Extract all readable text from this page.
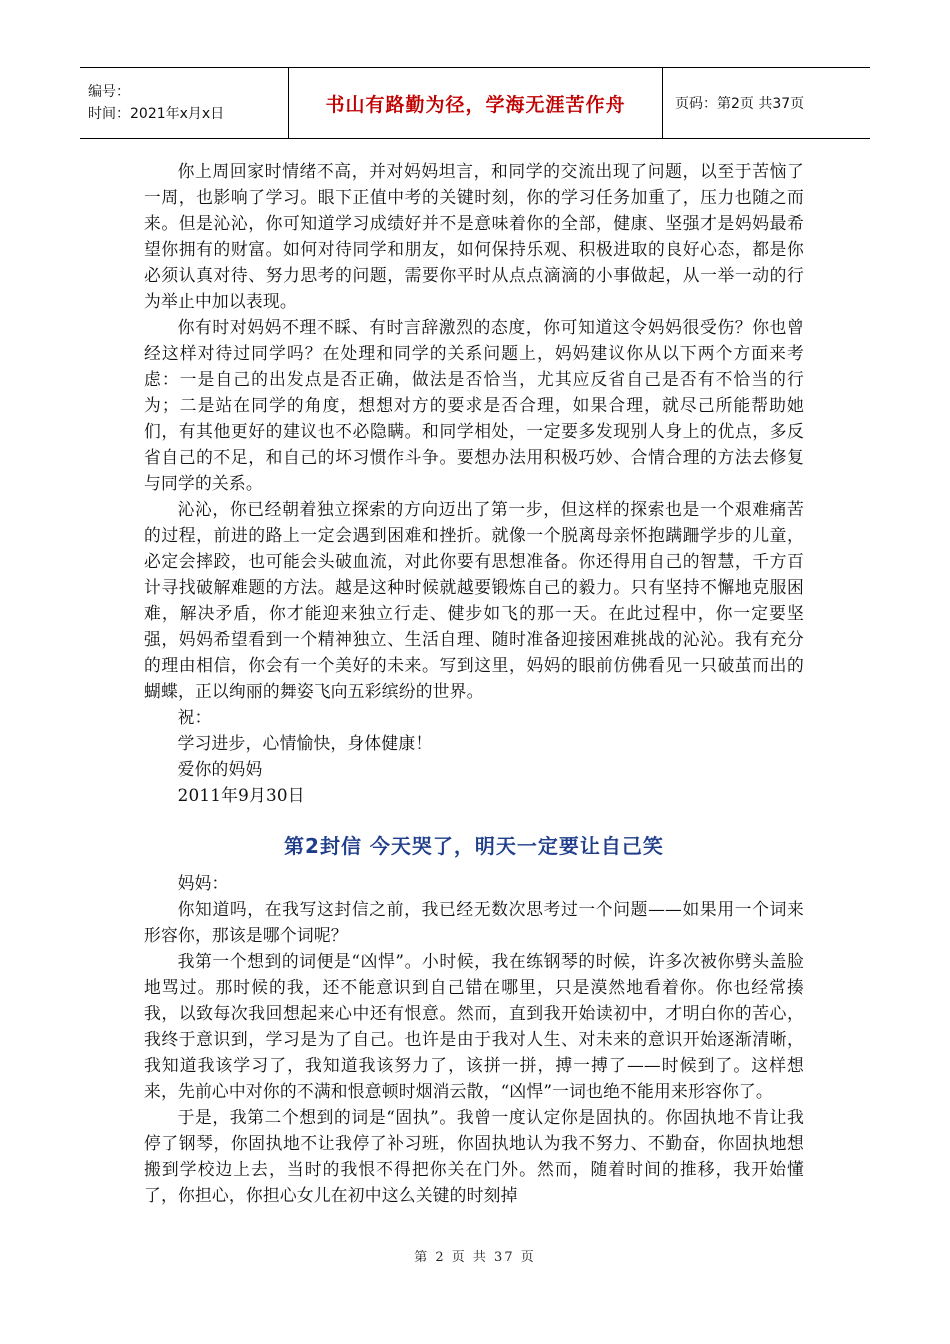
编号：
时间：2021年x月x日	书山有路勤为径，学海无涯苦作舟	页码：第2页 共37页

你上周回家时情绪不高，并对妈妈坦言，和同学的交流出现了问题，以至于苦恼了一周，也影响了学习。眼下正值中考的关键时刻，你的学习任务加重了，压力也随之而来。但是沁沁，你可知道学习成绩好并不是意味着你的全部，健康、坚强才是妈妈最希望你拥有的财富。如何对待同学和朋友，如何保持乐观、积极进取的良好心态，都是你必须认真对待、努力思考的问题，需要你平时从点点滴滴的小事做起，从一举一动的行为举止中加以表现。

你有时对妈妈不理不睬、有时言辞激烈的态度，你可知道这令妈妈很受伤？你也曾经这样对待过同学吗？在处理和同学的关系问题上，妈妈建议你从以下两个方面来考虑：一是自己的出发点是否正确，做法是否恰当，尤其应反省自己是否有不恰当的行为；二是站在同学的角度，想想对方的要求是否合理，如果合理，就尽己所能帮助她们，有其他更好的建议也不必隐瞒。和同学相处，一定要多发现别人身上的优点，多反省自己的不足，和自己的坏习惯作斗争。要想办法用积极巧妙、合情合理的方法去修复与同学的关系。

沁沁，你已经朝着独立探索的方向迈出了第一步，但这样的探索也是一个艰难痛苦的过程，前进的路上一定会遇到困难和挫折。就像一个脱离母亲怀抱蹒跚学步的儿童，必定会摔跤，也可能会头破血流，对此你要有思想准备。你还得用自己的智慧，千方百计寻找破解难题的方法。越是这种时候就越要锻炼自己的毅力。只有坚持不懈地克服困难，解决矛盾，你才能迎来独立行走、健步如飞的那一天。在此过程中，你一定要坚强，妈妈希望看到一个精神独立、生活自理、随时准备迎接困难挑战的沁沁。我有充分的理由相信，你会有一个美好的未来。写到这里，妈妈的眼前仿佛看见一只破茧而出的蝴蝶，正以绚丽的舞姿飞向五彩缤纷的世界。

祝：

学习进步，心情愉快，身体健康！

爱你的妈妈

2011年9月30日

第2封信 今天哭了，明天一定要让自己笑

妈妈：

你知道吗，在我写这封信之前，我已经无数次思考过一个问题——如果用一个词来形容你，那该是哪个词呢？

我第一个想到的词便是“凶悍”。小时候，我在练钢琴的时候，许多次被你劈头盖脸地骂过。那时候的我，还不能意识到自己错在哪里，只是漠然地看着你。你也经常揍我，以致每次我回想起来心中还有恨意。然而，直到我开始读初中，才明白你的苦心，我终于意识到，学习是为了自己。也许是由于我对人生、对未来的意识开始逐渐清晰，我知道我该学习了，我知道我该努力了，该拼一拼，搏一搏了——时候到了。这样想来，先前心中对你的不满和恨意顿时烟消云散，“凶悍”一词也绝不能用来形容你了。

于是，我第二个想到的词是“固执”。我曾一度认定你是固执的。你固执地不肯让我停了钢琴，你固执地不让我停了补习班，你固执地认为我不努力、不勤奋，你固执地想搬到学校边上去，当时的我恨不得把你关在门外。然而，随着时间的推移，我开始懂了，你担心，你担心女儿在初中这么关键的时刻掉

第 2 页 共 37 页
